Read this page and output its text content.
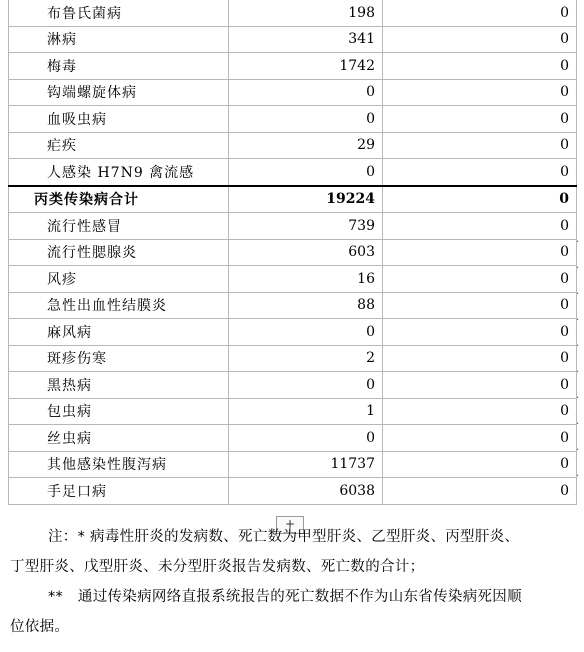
布鲁氏菌病	198	0
淋病	341	0
梅毒	1742	0
钩端螺旋体病	0	0
血吸虫病	0	0
疟疾	29	0
人感染 H7N9 禽流感	0	0
丙类传染病合计	19224	0
流行性感冒	739	0
流行性腮腺炎	603	0
风疹	16	0
急性出血性结膜炎	88	0
麻风病	0	0
斑疹伤寒	2	0
黑热病	0	0
包虫病	1	0
丝虫病	0	0
其他感染性腹泻病	11737	0
手足口病	6038	0
·
·
·
·
·
·
·
·
·
·
+

注：* 病毒性肝炎的发病数、死亡数为甲型肝炎、乙型肝炎、丙型肝炎、

丁型肝炎、戊型肝炎、未分型肝炎报告发病数、死亡数的合计；

**　通过传染病网络直报系统报告的死亡数据不作为山东省传染病死因顺

位依据。
